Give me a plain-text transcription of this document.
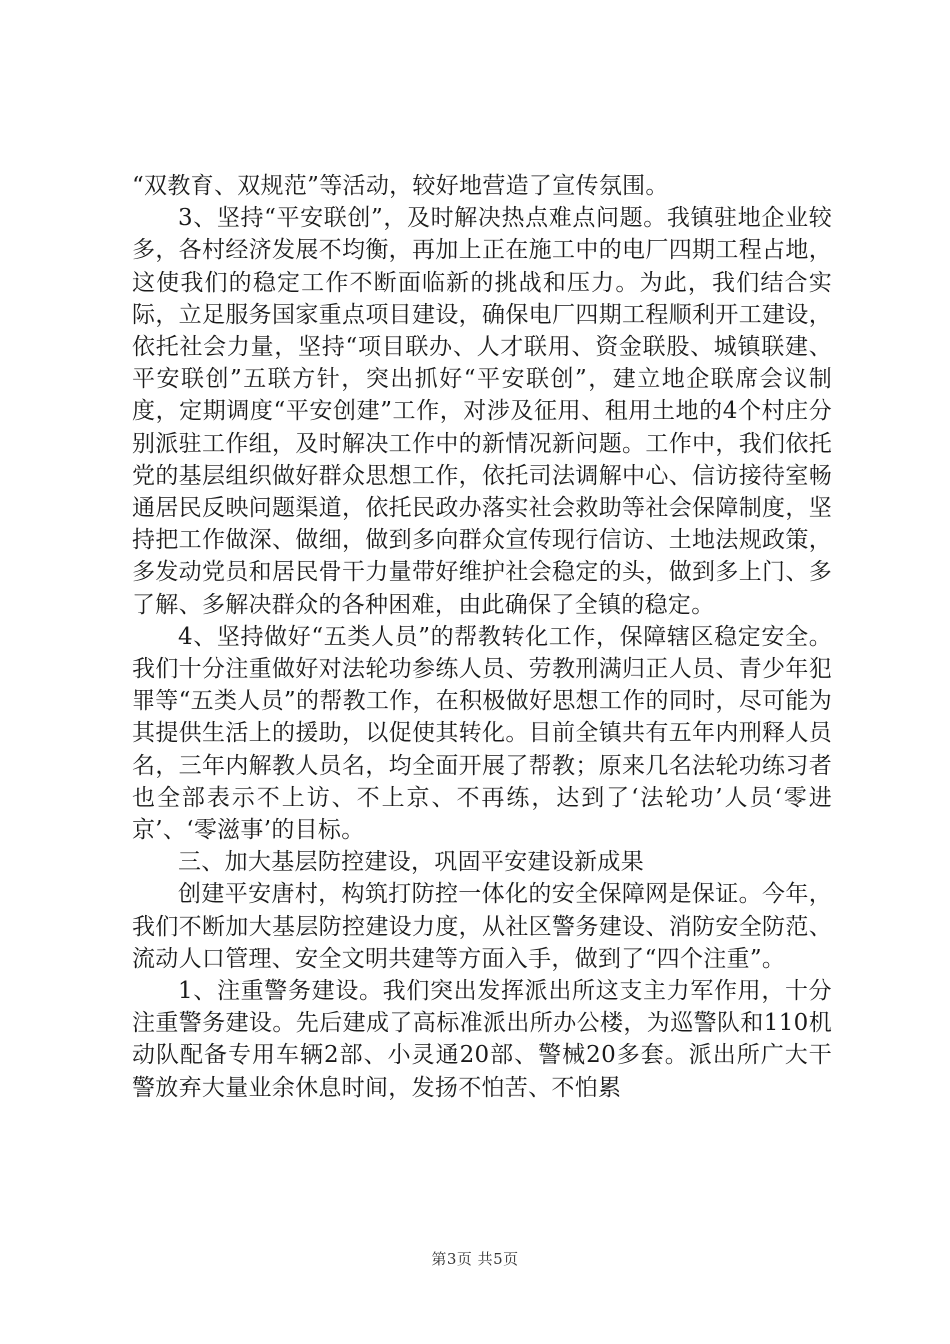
“双教育、双规范”等活动，较好地营造了宣传氛围。

3、坚持“平安联创”，及时解决热点难点问题。我镇驻地企业较多，各村经济发展不均衡，再加上正在施工中的电厂四期工程占地，这使我们的稳定工作不断面临新的挑战和压力。为此，我们结合实际，立足服务国家重点项目建设，确保电厂四期工程顺利开工建设，依托社会力量，坚持“项目联办、人才联用、资金联股、城镇联建、平安联创”五联方针，突出抓好“平安联创”，建立地企联席会议制度，定期调度“平安创建”工作，对涉及征用、租用土地的4个村庄分别派驻工作组，及时解决工作中的新情况新问题。工作中，我们依托党的基层组织做好群众思想工作，依托司法调解中心、信访接待室畅通居民反映问题渠道，依托民政办落实社会救助等社会保障制度，坚持把工作做深、做细，做到多向群众宣传现行信访、土地法规政策，多发动党员和居民骨干力量带好维护社会稳定的头，做到多上门、多了解、多解决群众的各种困难，由此确保了全镇的稳定。

4、坚持做好“五类人员”的帮教转化工作，保障辖区稳定安全。我们十分注重做好对法轮功参练人员、劳教刑满归正人员、青少年犯罪等“五类人员”的帮教工作，在积极做好思想工作的同时，尽可能为其提供生活上的援助，以促使其转化。目前全镇共有五年内刑释人员名，三年内解教人员名，均全面开展了帮教；原来几名法轮功练习者也全部表示不上访、不上京、不再练，达到了‘法轮功’人员‘零进京’、‘零滋事’的目标。

三、加大基层防控建设，巩固平安建设新成果

创建平安唐村，构筑打防控一体化的安全保障网是保证。今年，我们不断加大基层防控建设力度，从社区警务建设、消防安全防范、流动人口管理、安全文明共建等方面入手，做到了“四个注重”。

1、注重警务建设。我们突出发挥派出所这支主力军作用，十分注重警务建设。先后建成了高标准派出所办公楼，为巡警队和110机动队配备专用车辆2部、小灵通20部、警械20多套。派出所广大干警放弃大量业余休息时间，发扬不怕苦、不怕累

第3页 共5页
